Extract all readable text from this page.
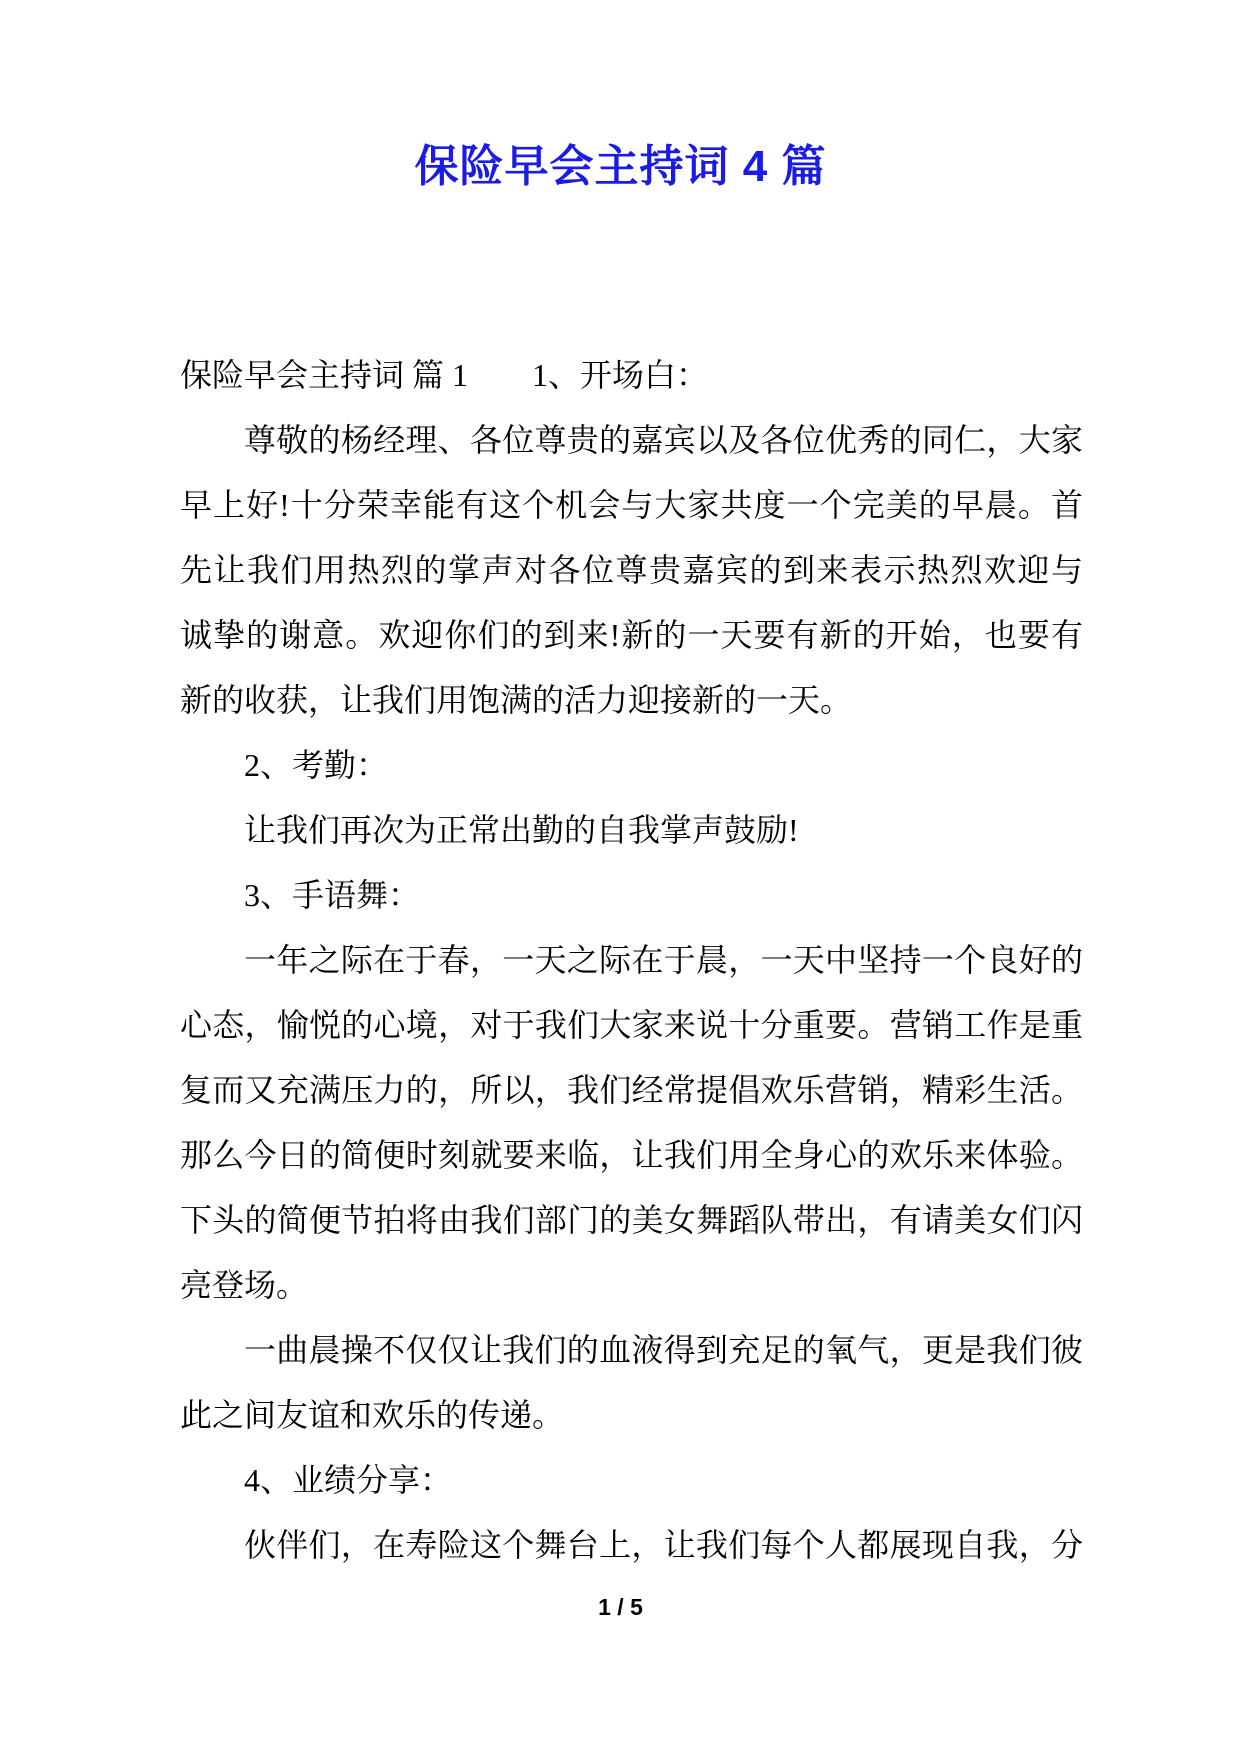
保险早会主持词 4 篇
保险早会主持词 篇 1　　1、开场白：
尊敬的杨经理、各位尊贵的嘉宾以及各位优秀的同仁，大家
早上好!十分荣幸能有这个机会与大家共度一个完美的早晨。首
先让我们用热烈的掌声对各位尊贵嘉宾的到来表示热烈欢迎与
诚挚的谢意。欢迎你们的到来!新的一天要有新的开始，也要有
新的收获，让我们用饱满的活力迎接新的一天。
2、考勤：
让我们再次为正常出勤的自我掌声鼓励!
3、手语舞：
一年之际在于春，一天之际在于晨，一天中坚持一个良好的
心态，愉悦的心境，对于我们大家来说十分重要。营销工作是重
复而又充满压力的，所以，我们经常提倡欢乐营销，精彩生活。
那么今日的简便时刻就要来临，让我们用全身心的欢乐来体验。
下头的简便节拍将由我们部门的美女舞蹈队带出，有请美女们闪
亮登场。
一曲晨操不仅仅让我们的血液得到充足的氧气，更是我们彼
此之间友谊和欢乐的传递。
4、业绩分享：
伙伴们，在寿险这个舞台上，让我们每个人都展现自我，分
1 / 5
